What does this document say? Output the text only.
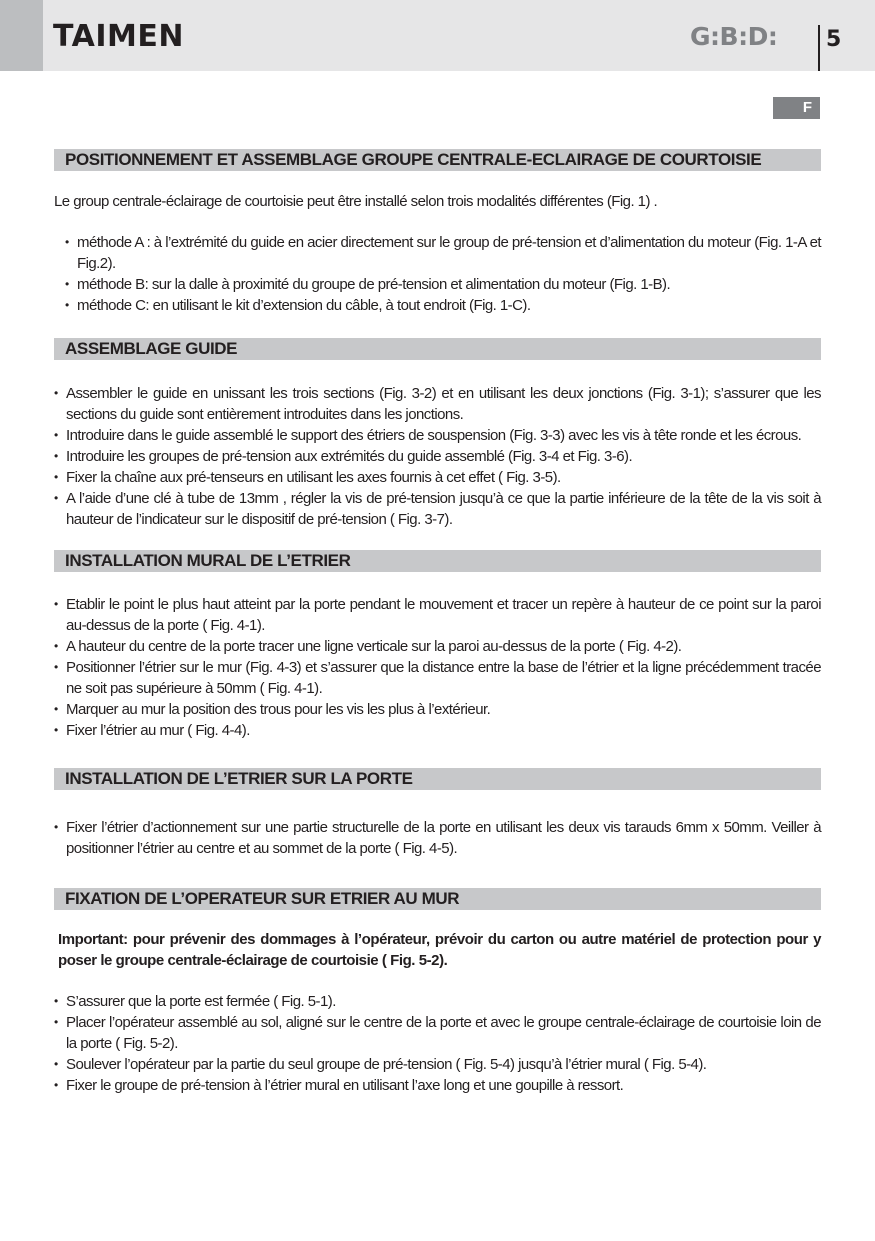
TAIMEN	G:B:D: 5
F
POSITIONNEMENT ET ASSEMBLAGE GROUPE CENTRALE-ECLAIRAGE DE COURTOISIE

Le group centrale-éclairage de courtoisie peut être installé selon trois modalités différentes (Fig. 1) .

• méthode A : à l’extrémité du guide en acier directement sur le group de pré-tension et d’alimentation du moteur (Fig. 1-A et Fig.2).
• méthode B: sur la dalle à proximité du groupe de pré-tension et alimentation du moteur (Fig. 1-B).
• méthode C: en utilisant le kit d’extension du câble, à tout endroit (Fig. 1-C).
ASSEMBLAGE GUIDE
• Assembler le guide en unissant les trois sections (Fig. 3-2) et en utilisant les deux jonctions (Fig. 3-1); s’assurer que les sections du guide sont entièrement introduites dans les jonctions.
• Introduire dans le guide assemblé le support des étriers de souspension (Fig. 3-3) avec les vis à tête ronde et les écrous.
• Introduire les groupes de pré-tension aux extrémités du guide assemblé (Fig. 3-4 et Fig. 3-6).
• Fixer la chaîne aux pré-tenseurs en utilisant les axes fournis à cet effet ( Fig. 3-5).
• A l’aide d’une clé à tube de 13mm , régler la vis de pré-tension jusqu’à ce que la partie inférieure de la tête de la vis soit à hauteur de l’indicateur sur le dispositif de pré-tension ( Fig. 3-7).
INSTALLATION MURAL DE L’ETRIER
• Etablir le point le plus haut atteint par la porte pendant le mouvement et tracer un repère à hauteur de ce point sur la paroi au-dessus de la porte ( Fig. 4-1).
• A hauteur du centre de la porte tracer une ligne verticale sur la paroi au-dessus de la porte ( Fig. 4-2).
• Positionner l’étrier sur le mur (Fig. 4-3) et s’assurer que la distance entre la base de l’étrier et la ligne précédemment tracée ne soit pas supérieure à 50mm ( Fig. 4-1).
• Marquer au mur la position des trous pour les vis les plus à l’extérieur.
• Fixer l’étrier au mur ( Fig. 4-4).
INSTALLATION DE L’ETRIER SUR LA PORTE
• Fixer l’étrier d’actionnement sur une partie structurelle de la porte en utilisant les deux vis tarauds 6mm x 50mm. Veiller à positionner l’étrier au centre et au sommet de la porte ( Fig. 4-5).
FIXATION DE L’OPERATEUR SUR ETRIER AU MUR

Important: pour prévenir des dommages à l’opérateur, prévoir du carton ou autre matériel de protection pour y poser le groupe centrale-éclairage de courtoisie ( Fig. 5-2).

• S’assurer que la porte est fermée ( Fig. 5-1).
• Placer l’opérateur assemblé au sol, aligné sur le centre de la porte et avec le groupe centrale-éclairage de courtoisie loin de la porte ( Fig. 5-2).
• Soulever l’opérateur par la partie du seul groupe de pré-tension ( Fig. 5-4) jusqu’à l’étrier mural ( Fig. 5-4).
• Fixer le groupe de pré-tension à l’étrier mural en utilisant l’axe long et une goupille à ressort.
